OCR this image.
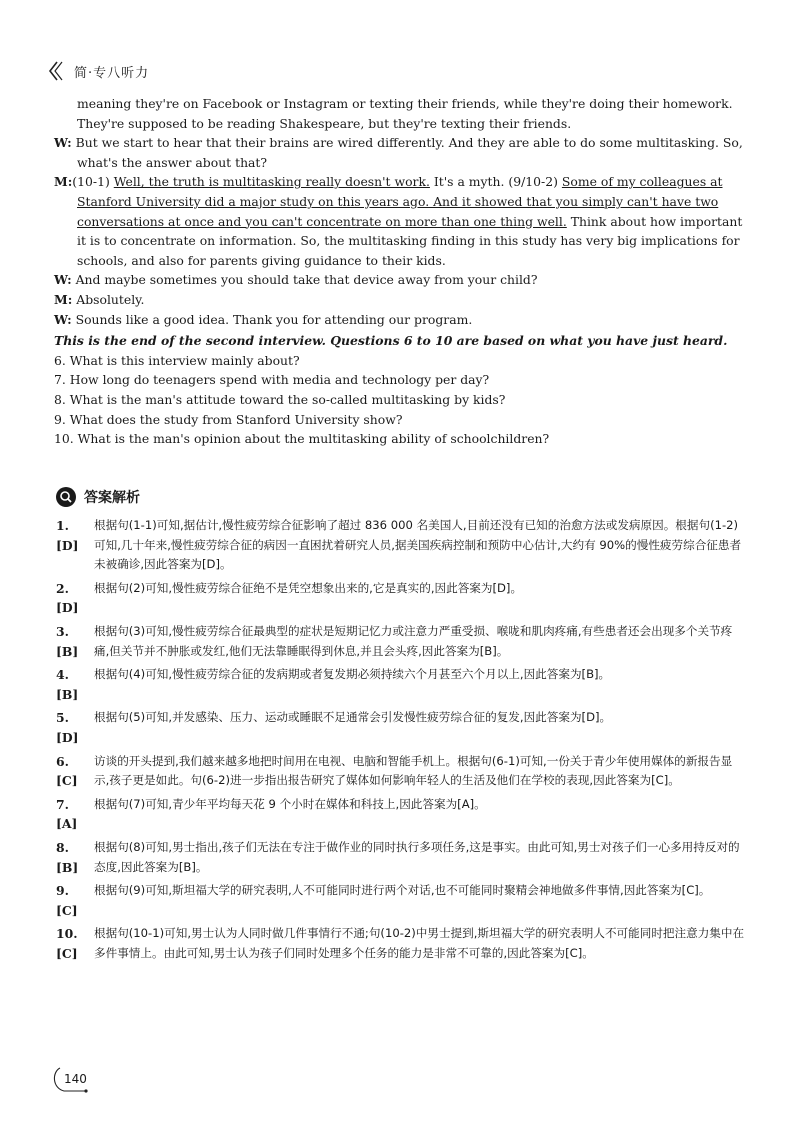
简·专八听力

meaning they're on Facebook or Instagram or texting their friends, while they're doing their homework. They're supposed to be reading Shakespeare, but they're texting their friends.

W: But we start to hear that their brains are wired differently. And they are able to do some multitasking. So, what's the answer about that?

M:(10-1) Well, the truth is multitasking really doesn't work. It's a myth. (9/10-2) Some of my colleagues at Stanford University did a major study on this years ago. And it showed that you simply can't have two conversations at once and you can't concentrate on more than one thing well. Think about how important it is to concentrate on information. So, the multitasking finding in this study has very big implications for schools, and also for parents giving guidance to their kids.

W: And maybe sometimes you should take that device away from your child?

M: Absolutely.

W: Sounds like a good idea. Thank you for attending our program.

This is the end of the second interview. Questions 6 to 10 are based on what you have just heard.

6. What is this interview mainly about?

7. How long do teenagers spend with media and technology per day?

8. What is the man's attitude toward the so-called multitasking by kids?

9. What does the study from Stanford University show?

10. What is the man's opinion about the multitasking ability of schoolchildren?

答案解析
1. [D]
根据句(1-1)可知,据估计,慢性疲劳综合征影响了超过 836 000 名美国人,目前还没有已知的治愈方法或发病原因。根据句(1-2)可知,几十年来,慢性疲劳综合征的病因一直困扰着研究人员,据美国疾病控制和预防中心估计,大约有 90%的慢性疲劳综合征患者未被确诊,因此答案为[D]。
2. [D]
根据句(2)可知,慢性疲劳综合征绝不是凭空想象出来的,它是真实的,因此答案为[D]。
3. [B]
根据句(3)可知,慢性疲劳综合征最典型的症状是短期记忆力或注意力严重受损、喉咙和肌肉疼痛,有些患者还会出现多个关节疼痛,但关节并不肿胀或发红,他们无法靠睡眠得到休息,并且会头疼,因此答案为[B]。
4. [B]
根据句(4)可知,慢性疲劳综合征的发病期或者复发期必须持续六个月甚至六个月以上,因此答案为[B]。
5. [D]
根据句(5)可知,并发感染、压力、运动或睡眠不足通常会引发慢性疲劳综合征的复发,因此答案为[D]。
6. [C]
访谈的开头提到,我们越来越多地把时间用在电视、电脑和智能手机上。根据句(6-1)可知,一份关于青少年使用媒体的新报告显示,孩子更是如此。句(6-2)进一步指出报告研究了媒体如何影响年轻人的生活及他们在学校的表现,因此答案为[C]。
7. [A]
根据句(7)可知,青少年平均每天花 9 个小时在媒体和科技上,因此答案为[A]。
8. [B]
根据句(8)可知,男士指出,孩子们无法在专注于做作业的同时执行多项任务,这是事实。由此可知,男士对孩子们一心多用持反对的态度,因此答案为[B]。
9. [C]
根据句(9)可知,斯坦福大学的研究表明,人不可能同时进行两个对话,也不可能同时聚精会神地做多件事情,因此答案为[C]。
10. [C]
根据句(10-1)可知,男士认为人同时做几件事情行不通;句(10-2)中男士提到,斯坦福大学的研究表明人不可能同时把注意力集中在多件事情上。由此可知,男士认为孩子们同时处理多个任务的能力是非常不可靠的,因此答案为[C]。
140
